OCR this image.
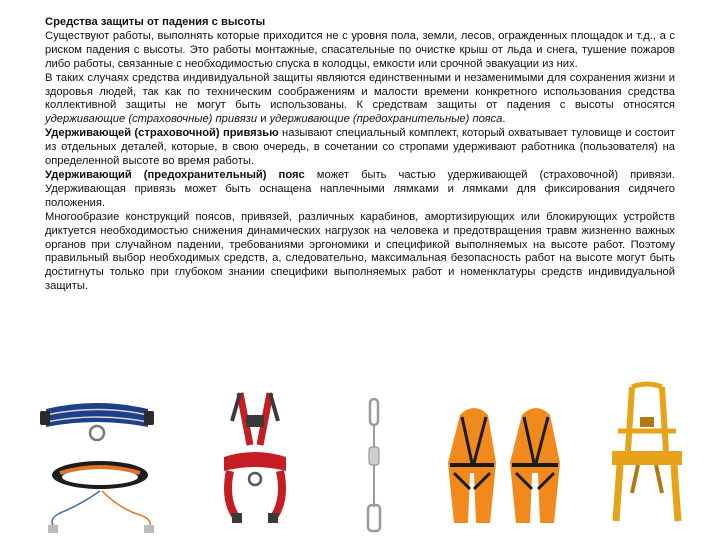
Средства защиты от падения с высоты

Существуют работы, выполнять которые приходится не с уровня пола, земли, лесов, огражденных площадок и т.д., а с риском падения с высоты. Это работы монтажные, спасательные по очистке крыш от льда и снега, тушение пожаров либо работы, связанные с необходимостью спуска в колодцы, емкости или срочной эвакуации из них.

В таких случаях средства индивидуальной защиты являются единственными и незаменимыми для сохранения жизни и здоровья людей, так как по техническим соображениям и малости времени конкретного использования средства коллективной защиты не могут быть использованы. К средствам защиты от падения с высоты относятся удерживающие (страховочные) привязи и удерживающие (предохранительные) пояса.

Удерживающей (страховочной) привязью называют специальный комплект, который охватывает туловище и состоит из отдельных деталей, которые, в свою очередь, в сочетании со стропами удерживают работника (пользователя) на определенной высоте во время работы.

Удерживающий (предохранительный) пояс может быть частью удерживающей (страховочной) привязи. Удерживающая привязь может быть оснащена наплечными лямками и лямками для фиксирования сидячего положения.

Многообразие конструкций поясов, привязей, различных карабинов, амортизирующих или блокирующих устройств диктуется необходимостью снижения динамических нагрузок на человека и предотвращения травм жизненно важных органов при случайном падении, требованиями эргономики и спецификой выполняемых на высоте работ. Поэтому правильный выбор необходимых средств, а, следовательно, максимальная безопасность работ на высоте могут быть достигнуты только при глубоком знании специфики выполняемых работ и номенклатуры средств индивидуальной защиты.
